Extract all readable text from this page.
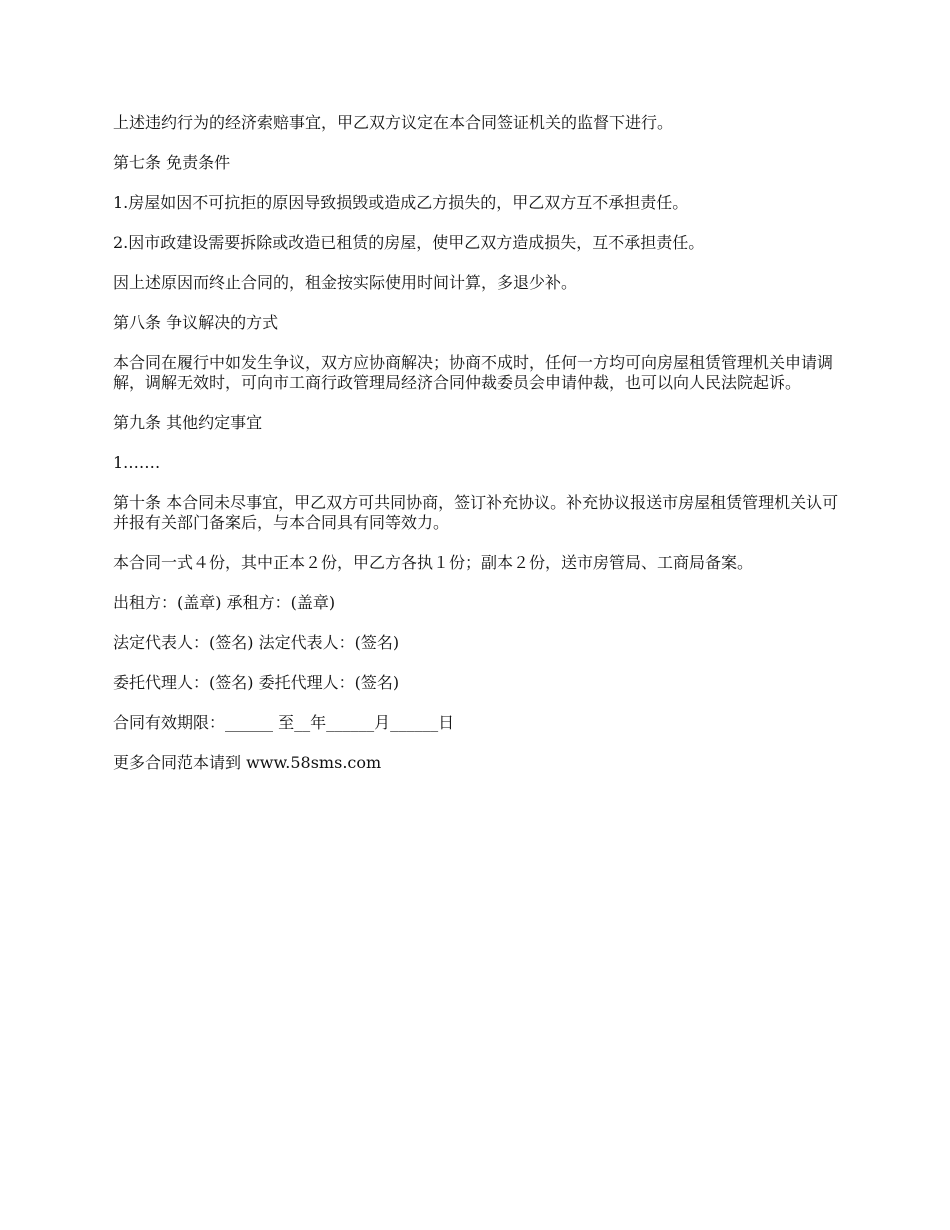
上述违约行为的经济索赔事宜，甲乙双方议定在本合同签证机关的监督下进行。

第七条 免责条件

1.房屋如因不可抗拒的原因导致损毁或造成乙方损失的，甲乙双方互不承担责任。

2.因市政建设需要拆除或改造已租赁的房屋，使甲乙双方造成损失，互不承担责任。

因上述原因而终止合同的，租金按实际使用时间计算，多退少补。

第八条 争议解决的方式

本合同在履行中如发生争议，双方应协商解决；协商不成时，任何一方均可向房屋租赁管理机关申请调解，调解无效时，可向市工商行政管理局经济合同仲裁委员会申请仲裁，也可以向人民法院起诉。

第九条 其他约定事宜

1.……

第十条 本合同未尽事宜，甲乙双方可共同协商，签订补充协议。补充协议报送市房屋租赁管理机关认可并报有关部门备案后，与本合同具有同等效力。

本合同一式４份，其中正本２份，甲乙方各执１份；副本２份，送市房管局、工商局备案。

出租方：(盖章) 承租方：(盖章)

法定代表人：(签名) 法定代表人：(签名)

委托代理人：(签名) 委托代理人：(签名)

合同有效期限：______ 至__年______月______日

更多合同范本请到 www.58sms.com
